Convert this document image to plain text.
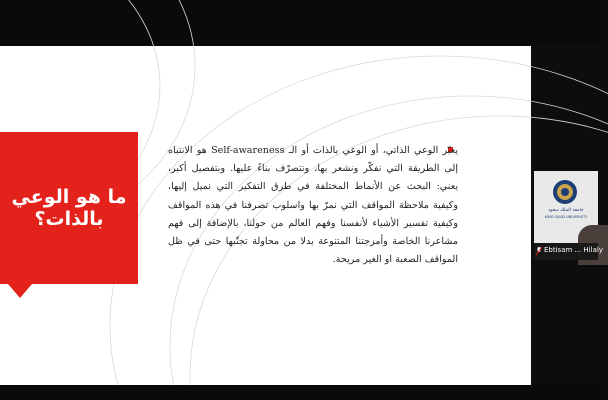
ما هو الوعي
بالذات؟
يعبّر الوعي الذاتي، أو الوعي بالذات أو الـ Self-awareness هو الانتباه إلى الطريقة التي نفكّر ونشعر بها، ونتصرّف بناءً عليها. وبتفصيل أكبر، يعني: البحث عن الأنماط المختلفة في طرق التفكير التي نميل إليها، وكيفية ملاحظة المواقف التي نمرّ بها واسلوب تصرفنا في هذه المواقف وكيفية تفسير الأشياء لأنفسنا وفهم العالم من حولنا، بالإضافة إلى فهم مشاعرنا الخاصة وأمزجتنا المتنوعة بدلا من محاولة تجنّبها حتى في ظل المواقف الصعبة او الغير مريحة.
جامعة الملك سعود
KING SAUD UNIVERSITY
Ebtisam ... Hilaly
